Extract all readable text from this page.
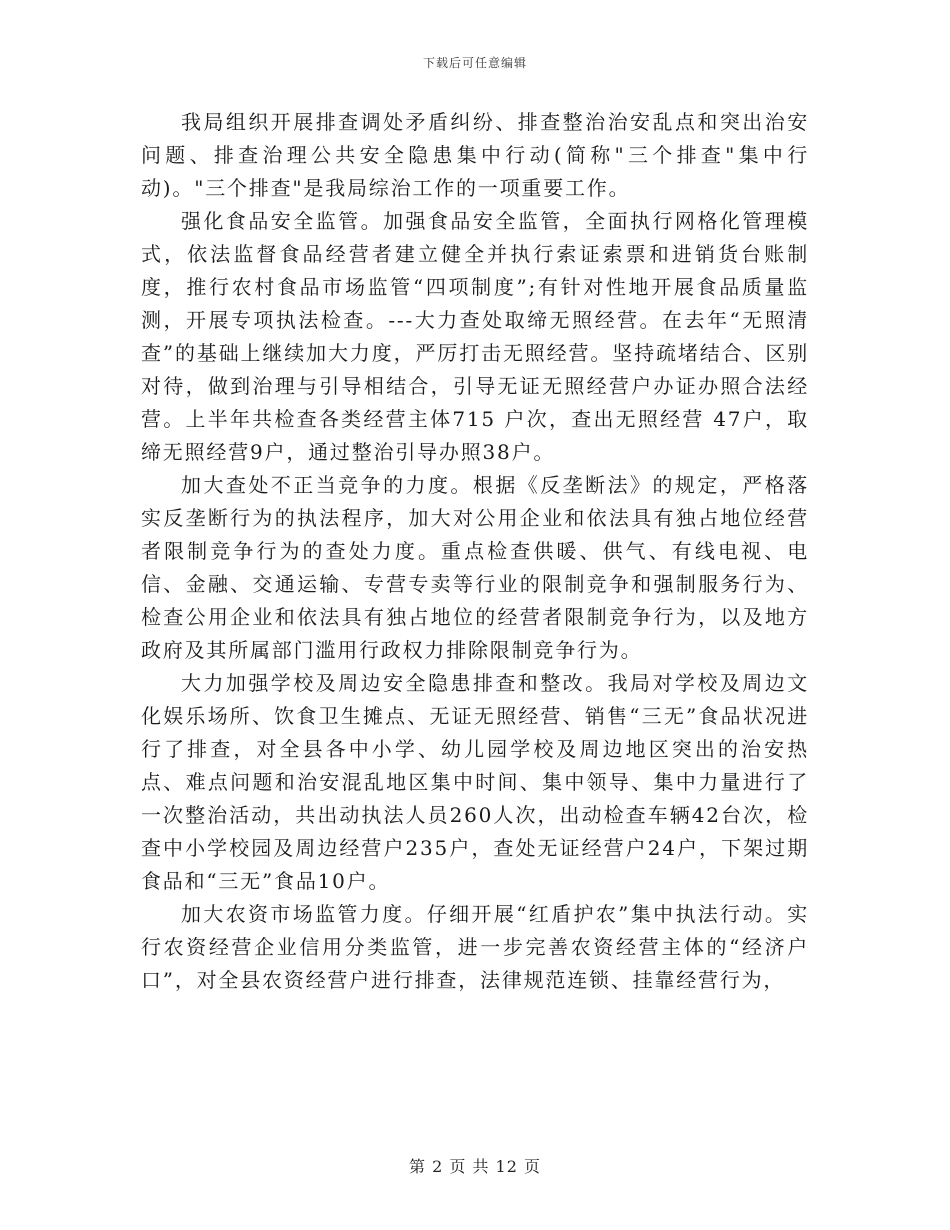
下载后可任意编辑

我局组织开展排查调处矛盾纠纷、排查整治治安乱点和突出治安问题、排查治理公共安全隐患集中行动(简称"三个排查"集中行动)。"三个排查"是我局综治工作的一项重要工作。

强化食品安全监管。加强食品安全监管，全面执行网格化管理模式，依法监督食品经营者建立健全并执行索证索票和进销货台账制度，推行农村食品市场监管“四项制度”;有针对性地开展食品质量监测，开展专项执法检查。---大力查处取缔无照经营。在去年“无照清查”的基础上继续加大力度，严厉打击无照经营。坚持疏堵结合、区别对待，做到治理与引导相结合，引导无证无照经营户办证办照合法经营。上半年共检查各类经营主体715 户次，查出无照经营 47户，取缔无照经营9户，通过整治引导办照38户。

加大查处不正当竞争的力度。根据《反垄断法》的规定，严格落实反垄断行为的执法程序，加大对公用企业和依法具有独占地位经营者限制竞争行为的查处力度。重点检查供暖、供气、有线电视、电信、金融、交通运输、专营专卖等行业的限制竞争和强制服务行为、检查公用企业和依法具有独占地位的经营者限制竞争行为，以及地方政府及其所属部门滥用行政权力排除限制竞争行为。

大力加强学校及周边安全隐患排查和整改。我局对学校及周边文化娱乐场所、饮食卫生摊点、无证无照经营、销售“三无”食品状况进行了排查，对全县各中小学、幼儿园学校及周边地区突出的治安热点、难点问题和治安混乱地区集中时间、集中领导、集中力量进行了一次整治活动，共出动执法人员260人次，出动检查车辆42台次，检查中小学校园及周边经营户235户，查处无证经营户24户，下架过期食品和“三无”食品10户。

加大农资市场监管力度。仔细开展“红盾护农”集中执法行动。实行农资经营企业信用分类监管，进一步完善农资经营主体的“经济户口”，对全县农资经营户进行排查，法律规范连锁、挂靠经营行为，

第 2 页 共 12 页
